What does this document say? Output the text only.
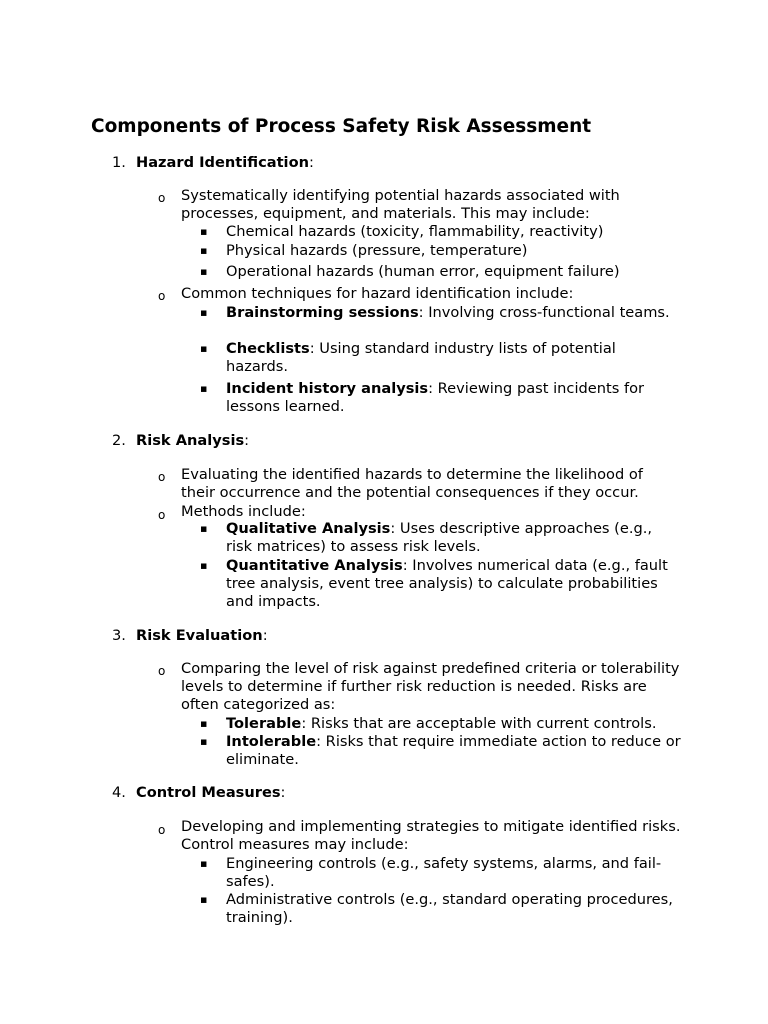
Components of Process Safety Risk Assessment
1. Hazard Identification:
o Systematically identifying potential hazards associated with processes, equipment, and materials. This may include:
▪ Chemical hazards (toxicity, flammability, reactivity)
▪ Physical hazards (pressure, temperature)
▪ Operational hazards (human error, equipment failure)
o Common techniques for hazard identification include:
▪ Brainstorming sessions: Involving cross-functional teams.
▪ Checklists: Using standard industry lists of potential hazards.
▪ Incident history analysis: Reviewing past incidents for lessons learned.
2. Risk Analysis:
o Evaluating the identified hazards to determine the likelihood of their occurrence and the potential consequences if they occur.
o Methods include:
▪ Qualitative Analysis: Uses descriptive approaches (e.g., risk matrices) to assess risk levels.
▪ Quantitative Analysis: Involves numerical data (e.g., fault tree analysis, event tree analysis) to calculate probabilities and impacts.
3. Risk Evaluation:
o Comparing the level of risk against predefined criteria or tolerability levels to determine if further risk reduction is needed. Risks are often categorized as:
▪ Tolerable: Risks that are acceptable with current controls.
▪ Intolerable: Risks that require immediate action to reduce or eliminate.
4. Control Measures:
o Developing and implementing strategies to mitigate identified risks. Control measures may include:
▪ Engineering controls (e.g., safety systems, alarms, and fail-safes).
▪ Administrative controls (e.g., standard operating procedures, training).
